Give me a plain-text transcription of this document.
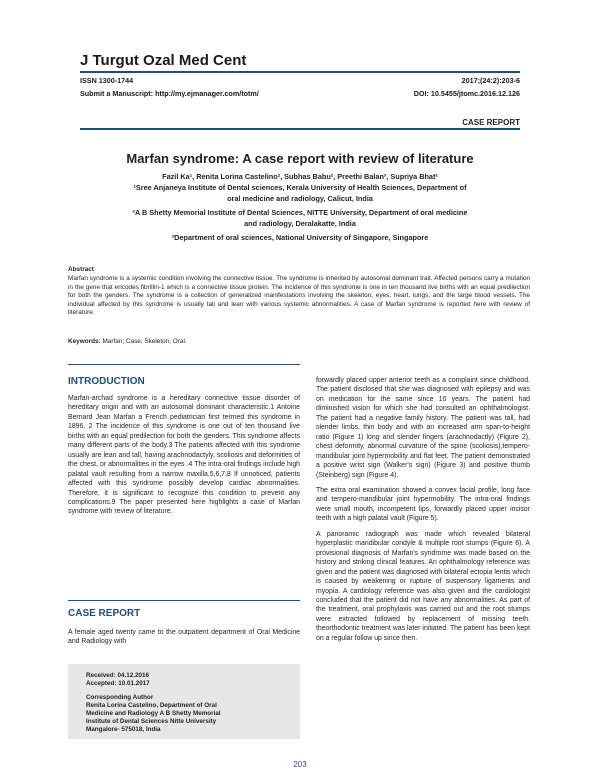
J Turgut Ozal Med Cent
ISSN 1300-1744	2017;(24:2):203-6
Submit a Manuscript: http://my.ejmanager.com/totm/	DOI: 10.5455/jtomc.2016.12.126
CASE REPORT
Marfan syndrome: A case report with review of literature
Fazil Ka¹, Renita Lorina Castelino², Subhas Babu², Preethi Balan³, Supriya Bhat²
¹Sree Anjaneya Institute of Dental sciences, Kerala University of Health Sciences, Department of
oral medicine and radiology, Calicut, India
²A B Shetty Memorial Institute of Dental Sciences, NITTE University, Department of oral medicine
and radiology, Deralakatte, India
³Department of oral sciences, National University of Singapore, Singapore
Abstract
Marfan syndrome is a systemic condition involving the connective tissue. The syndrome is inherited by autosomal dominant trait. Affected persons carry a mutation in the gene that encodes fibrillin-1 which is a connective tissue protein. The incidence of this syndrome is one in ten thousand live births with an equal predilection for both the genders. The syndrome is a collection of generalized manifestations involving the skeleton, eyes, heart, lungs, and the large blood vessels. The individual affected by this syndrome is usually tall and lean with various systemic abnormalities. A case of Marfan syndrome is reported here with review of literature.
Keywords: Marfan; Case; Skeleton; Oral.
INTRODUCTION

Marfan-archad syndrome is a hereditary connective tissue disorder of hereditary origin and with an autosomal dominant characteristic.1 Antoine Bernard Jean Marfan a French pediatrician first termed this syndrome in 1896. 2 The incidence of this syndrome is one out of ten thousand live births with an equal predilection for both the genders. This syndrome affects many different parts of the body.3 The patients affected with this syndrome usually are lean and tall, having arachnodactyly, scoliosis and deformities of the chest, or abnormalities in the eyes .4 The intra-oral findings include high palatal vault resulting from a narrow maxilla.5,6,7,8 If unnoticed, patients affected with this syndrome possibly develop cardiac abnormalities. Therefore, it is significant to recognize this condition to prevent any complications.9 The paper presented here highlights a case of Marfan syndrome with review of literature.

CASE REPORT

A female aged twenty came to the outpatient department of Oral Medicine and Radiology with

Received: 04.12.2016
Accepted: 10.01.2017
Corresponding Author
Renita Lorina Castelino, Department of Oral
Medicine and Radiology A B Shetty Memorial
Institute of Dental Sciences Nitte University
Mangalore- 575018, India

forwardly placed upper anterior teeth as a complaint since childhood. The patient disclosed that she was diagnosed with epilepsy and was on medication for the same since 10 years. The patient had diminished vision for which she had consulted an ophthalmologist. The patient had a negative family history. The patient was tall, had slender limbs, thin body and with an increased arm span-to-height ratio (Figure 1) long and slender fingers (arachnodactly) (Figure 2), chest deformity, abnormal curvature of the spine (scoliosis),tempero-mandibular joint hypermobility and flat feet. The patient demonstrated a positive wrist sign (Walker's sign) (Figure 3) and positive thumb (Steinberg) sign (Figure 4).

The extra oral examination showed a convex facial profile, long face and tempero-mandibular joint hypermobility. The intra-oral findings were small mouth, incompetent lips, forwardly placed upper incisor teeth with a high palatal vault (Figure 5).

A panoramic radiograph was made which revealed bilateral hyperplastic mandibular condyle & multiple root stumps (Figure 6). A provisional diagnosis of Marfan's syndrome was made based on the history and striking clinical features. An ophthalmology reference was given and the patient was diagnosed with bilateral ectopia lentis which is caused by weakening or rupture of suspensory ligaments and myopia. A cardiology reference was also given and the cardiologist concluded that the patient did not have any abnormalities. As part of the treatment, oral prophylaxis was carried out and the root stumps were extracted followed by replacement of missing teeth. theorthodontic treatment was later initiated. The patient has been kept on a regular follow up since then.

203
